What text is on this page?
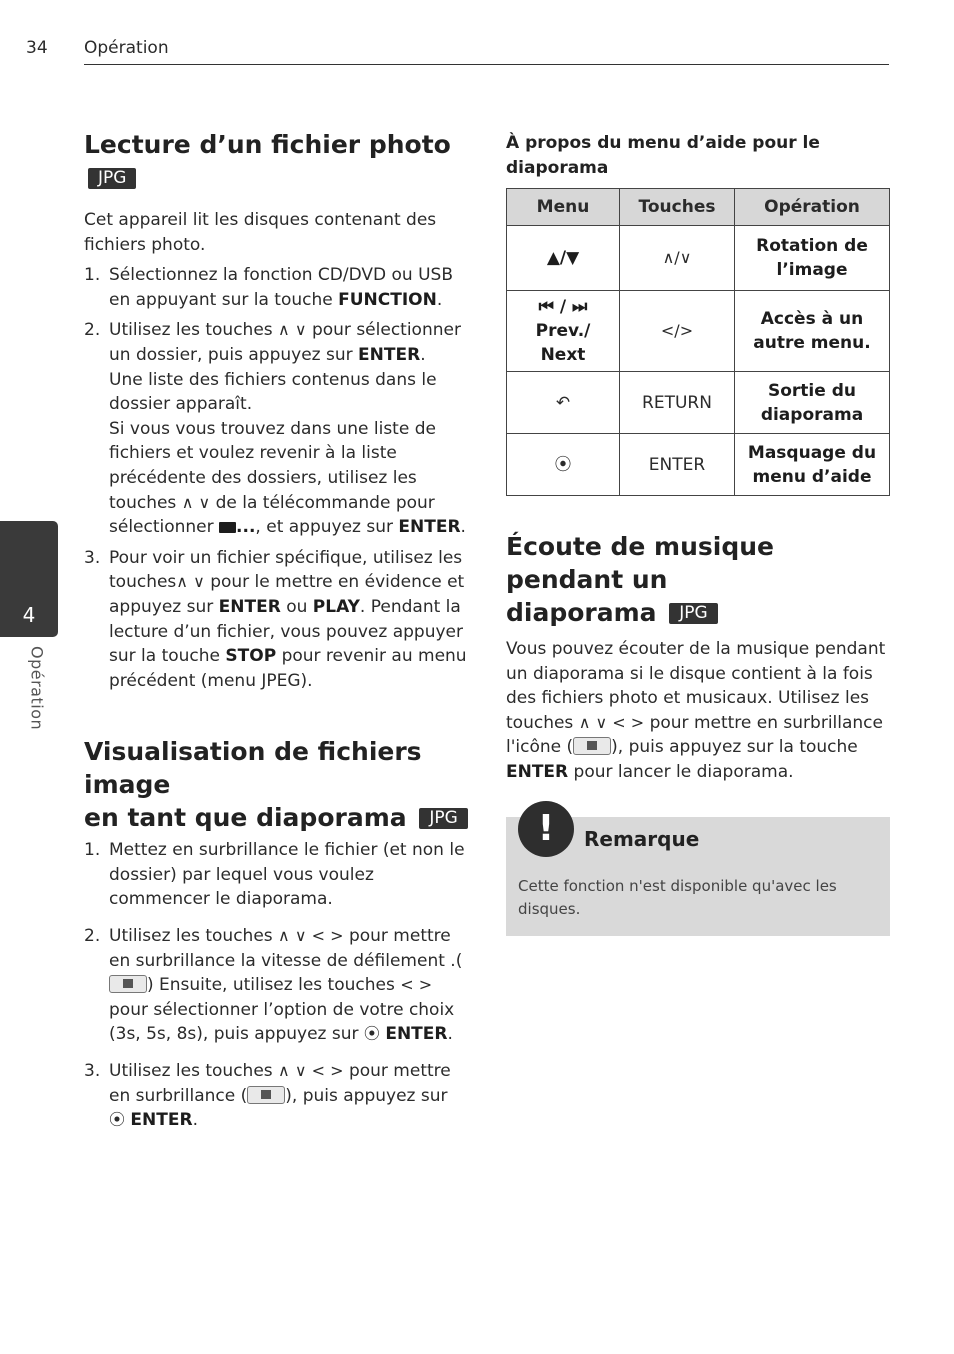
34 Opération
4
Opération
Lecture d’un fichier photo JPG

Cet appareil lit les disques contenant des fichiers photo.

1. Sélectionnez la fonction CD/DVD ou USB en appuyant sur la touche FUNCTION.
2. Utilisez les touches ∧ ∨ pour sélectionner un dossier, puis appuyez sur ENTER.
Une liste des fichiers contenus dans le dossier apparaît.
Si vous vous trouvez dans une liste de fichiers et voulez revenir à la liste précédente des dossiers, utilisez les touches ∧ ∨ de la télécommande pour sélectionner ..., et appuyez sur ENTER.
3. Pour voir un fichier spécifique, utilisez les touches∧ ∨ pour le mettre en évidence et appuyez sur ENTER ou PLAY. Pendant la lecture d’un fichier, vous pouvez appuyer sur la touche STOP pour revenir au menu précédent (menu JPEG).
Visualisation de fichiers image
en tant que diaporama JPG
1. Mettez en surbrillance le fichier (et non le dossier) par lequel vous voulez commencer le diaporama.
2. Utilisez les touches ∧ ∨ < > pour mettre en surbrillance la vitesse de défilement .(
) Ensuite, utilisez les touches < > pour sélectionner l’option de votre choix (3s, 5s, 8s), puis appuyez sur ⦿ ENTER.
3. Utilisez les touches ∧ ∨ < > pour mettre en surbrillance ( ), puis appuyez sur
⦿ ENTER.
À propos du menu d’aide pour le diaporama
Menu	Touches	Opération
▲/▼	∧/∨	Rotation de l’image
⏮ / ⏭
Prev./ Next	</>	Accès à un autre menu.
↶	RETURN	Sortie du diaporama
⦿	ENTER	Masquage du menu d’aide
Écoute de musique pendant un
diaporama JPG

Vous pouvez écouter de la musique pendant un diaporama si le disque contient à la fois des fichiers photo et musicaux. Utilisez les touches ∧ ∨ < > pour mettre en surbrillance l'icône ( ), puis appuyez sur la touche ENTER pour lancer le diaporama.

!	Remarque
Cette fonction n'est disponible qu'avec les disques.
